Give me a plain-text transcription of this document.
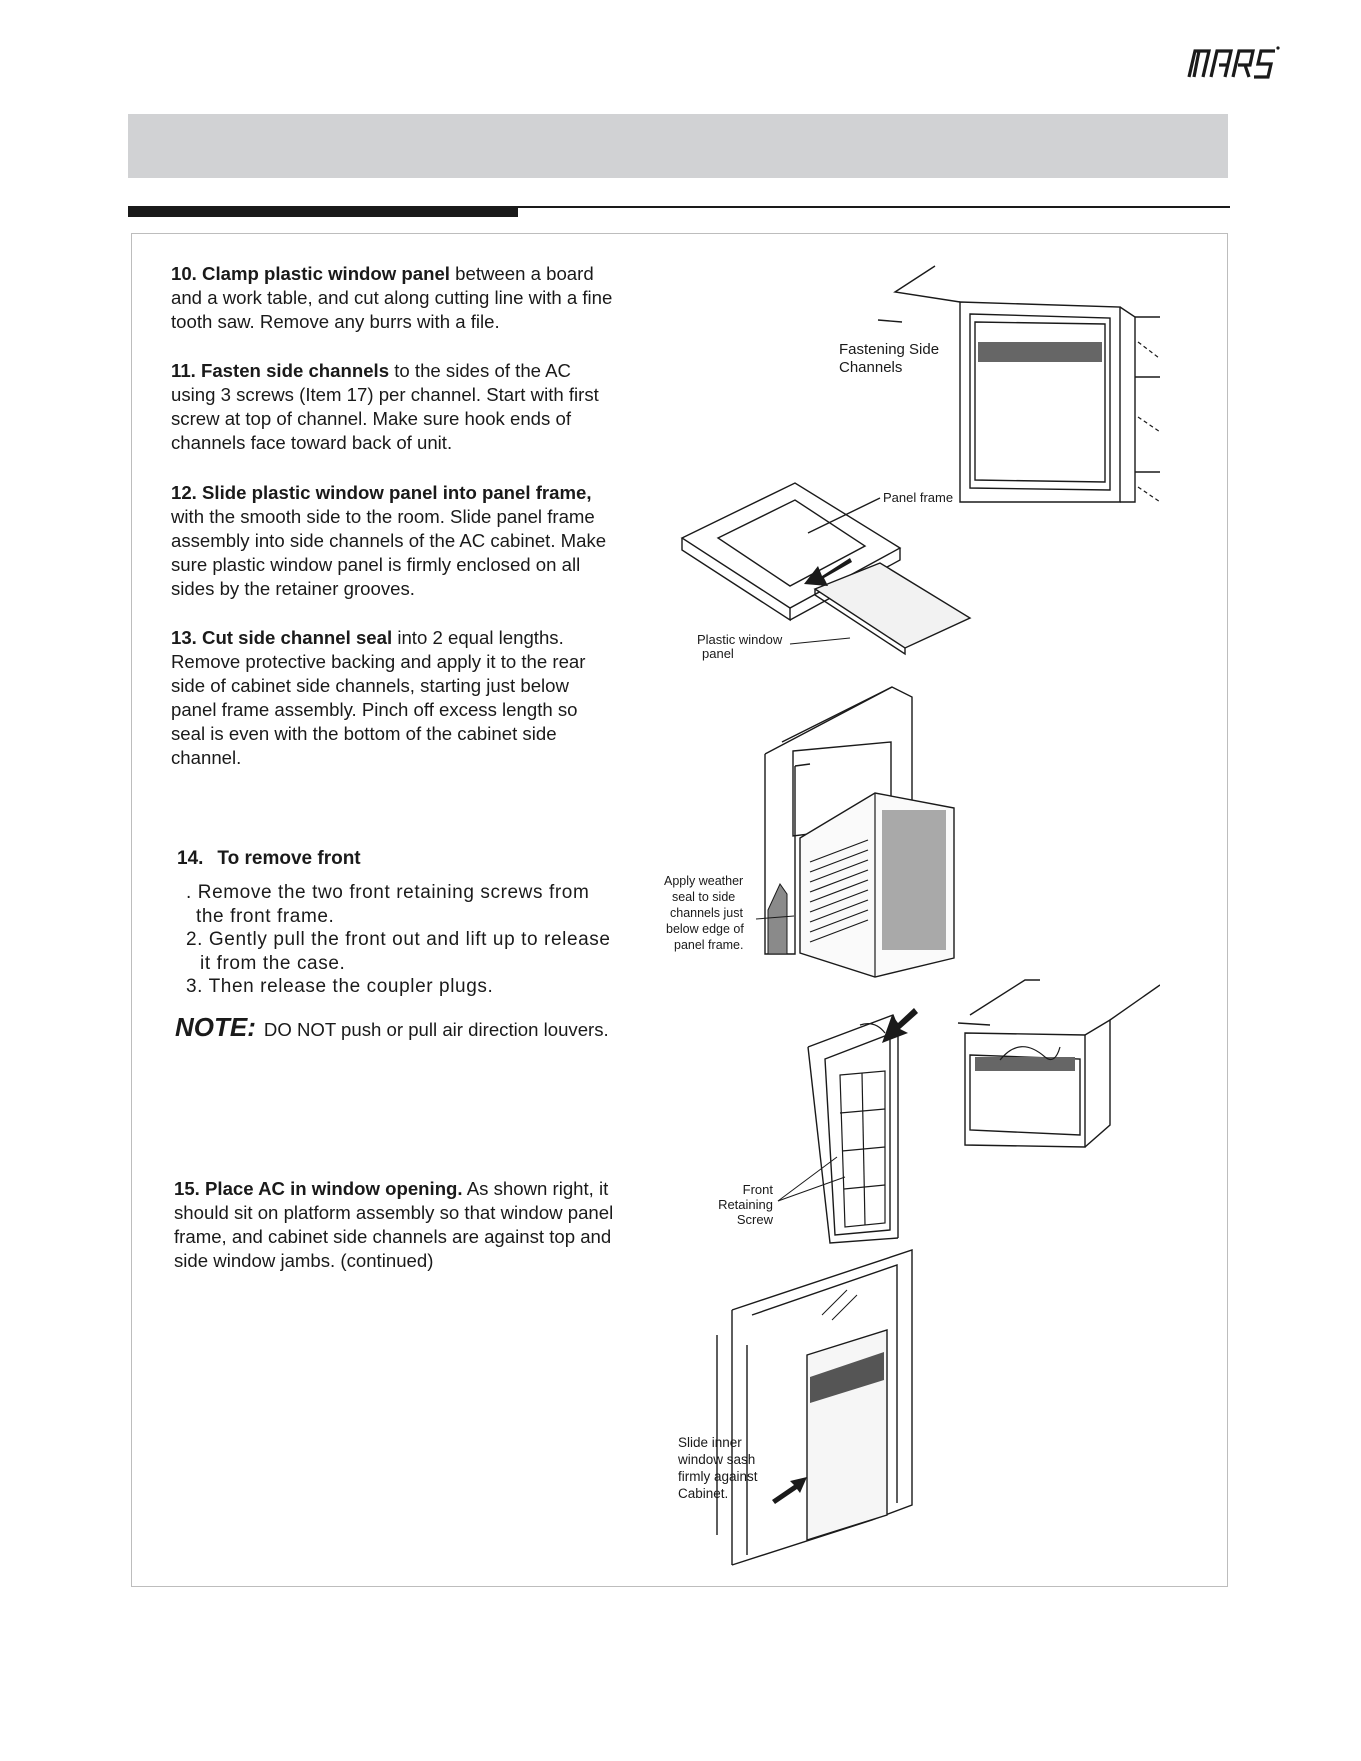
10. Clamp plastic window panel between a board
and a work table, and cut along cutting line with a fine
tooth saw. Remove any burrs with a file.

11. Fasten side channels to the sides of the AC
using 3 screws (Item 17) per channel. Start with first
screw at top of channel. Make sure hook ends of
channels face toward back of unit.

12. Slide plastic window panel into panel frame,
with the smooth side to the room. Slide panel frame
assembly into side channels of the AC cabinet. Make
sure plastic window panel is firmly enclosed on all
sides by the retainer grooves.

13. Cut side channel seal into 2 equal lengths.
Remove protective backing and apply it to the rear
side of cabinet side channels, starting just below
panel frame assembly. Pinch off excess length so
seal is even with the bottom of the cabinet side
channel.

14. To remove front
. Remove the two front retaining screws from
the front frame.
2. Gently pull the front out and lift up to release
it from the case.
3. Then release the coupler plugs.
NOTE: DO NOT push or pull air direction louvers.

15. Place AC in window opening. As shown right, it
should sit on platform assembly so that window panel
frame, and cabinet side channels are against top and
side window jambs. (continued)

Fastening Side
Channels
Panel frame
Plastic window
panel
Apply weather
seal to side
channels just
below edge of
panel frame.
Front
Retaining
Screw
Slide inner
window sash
firmly against
Cabinet.
